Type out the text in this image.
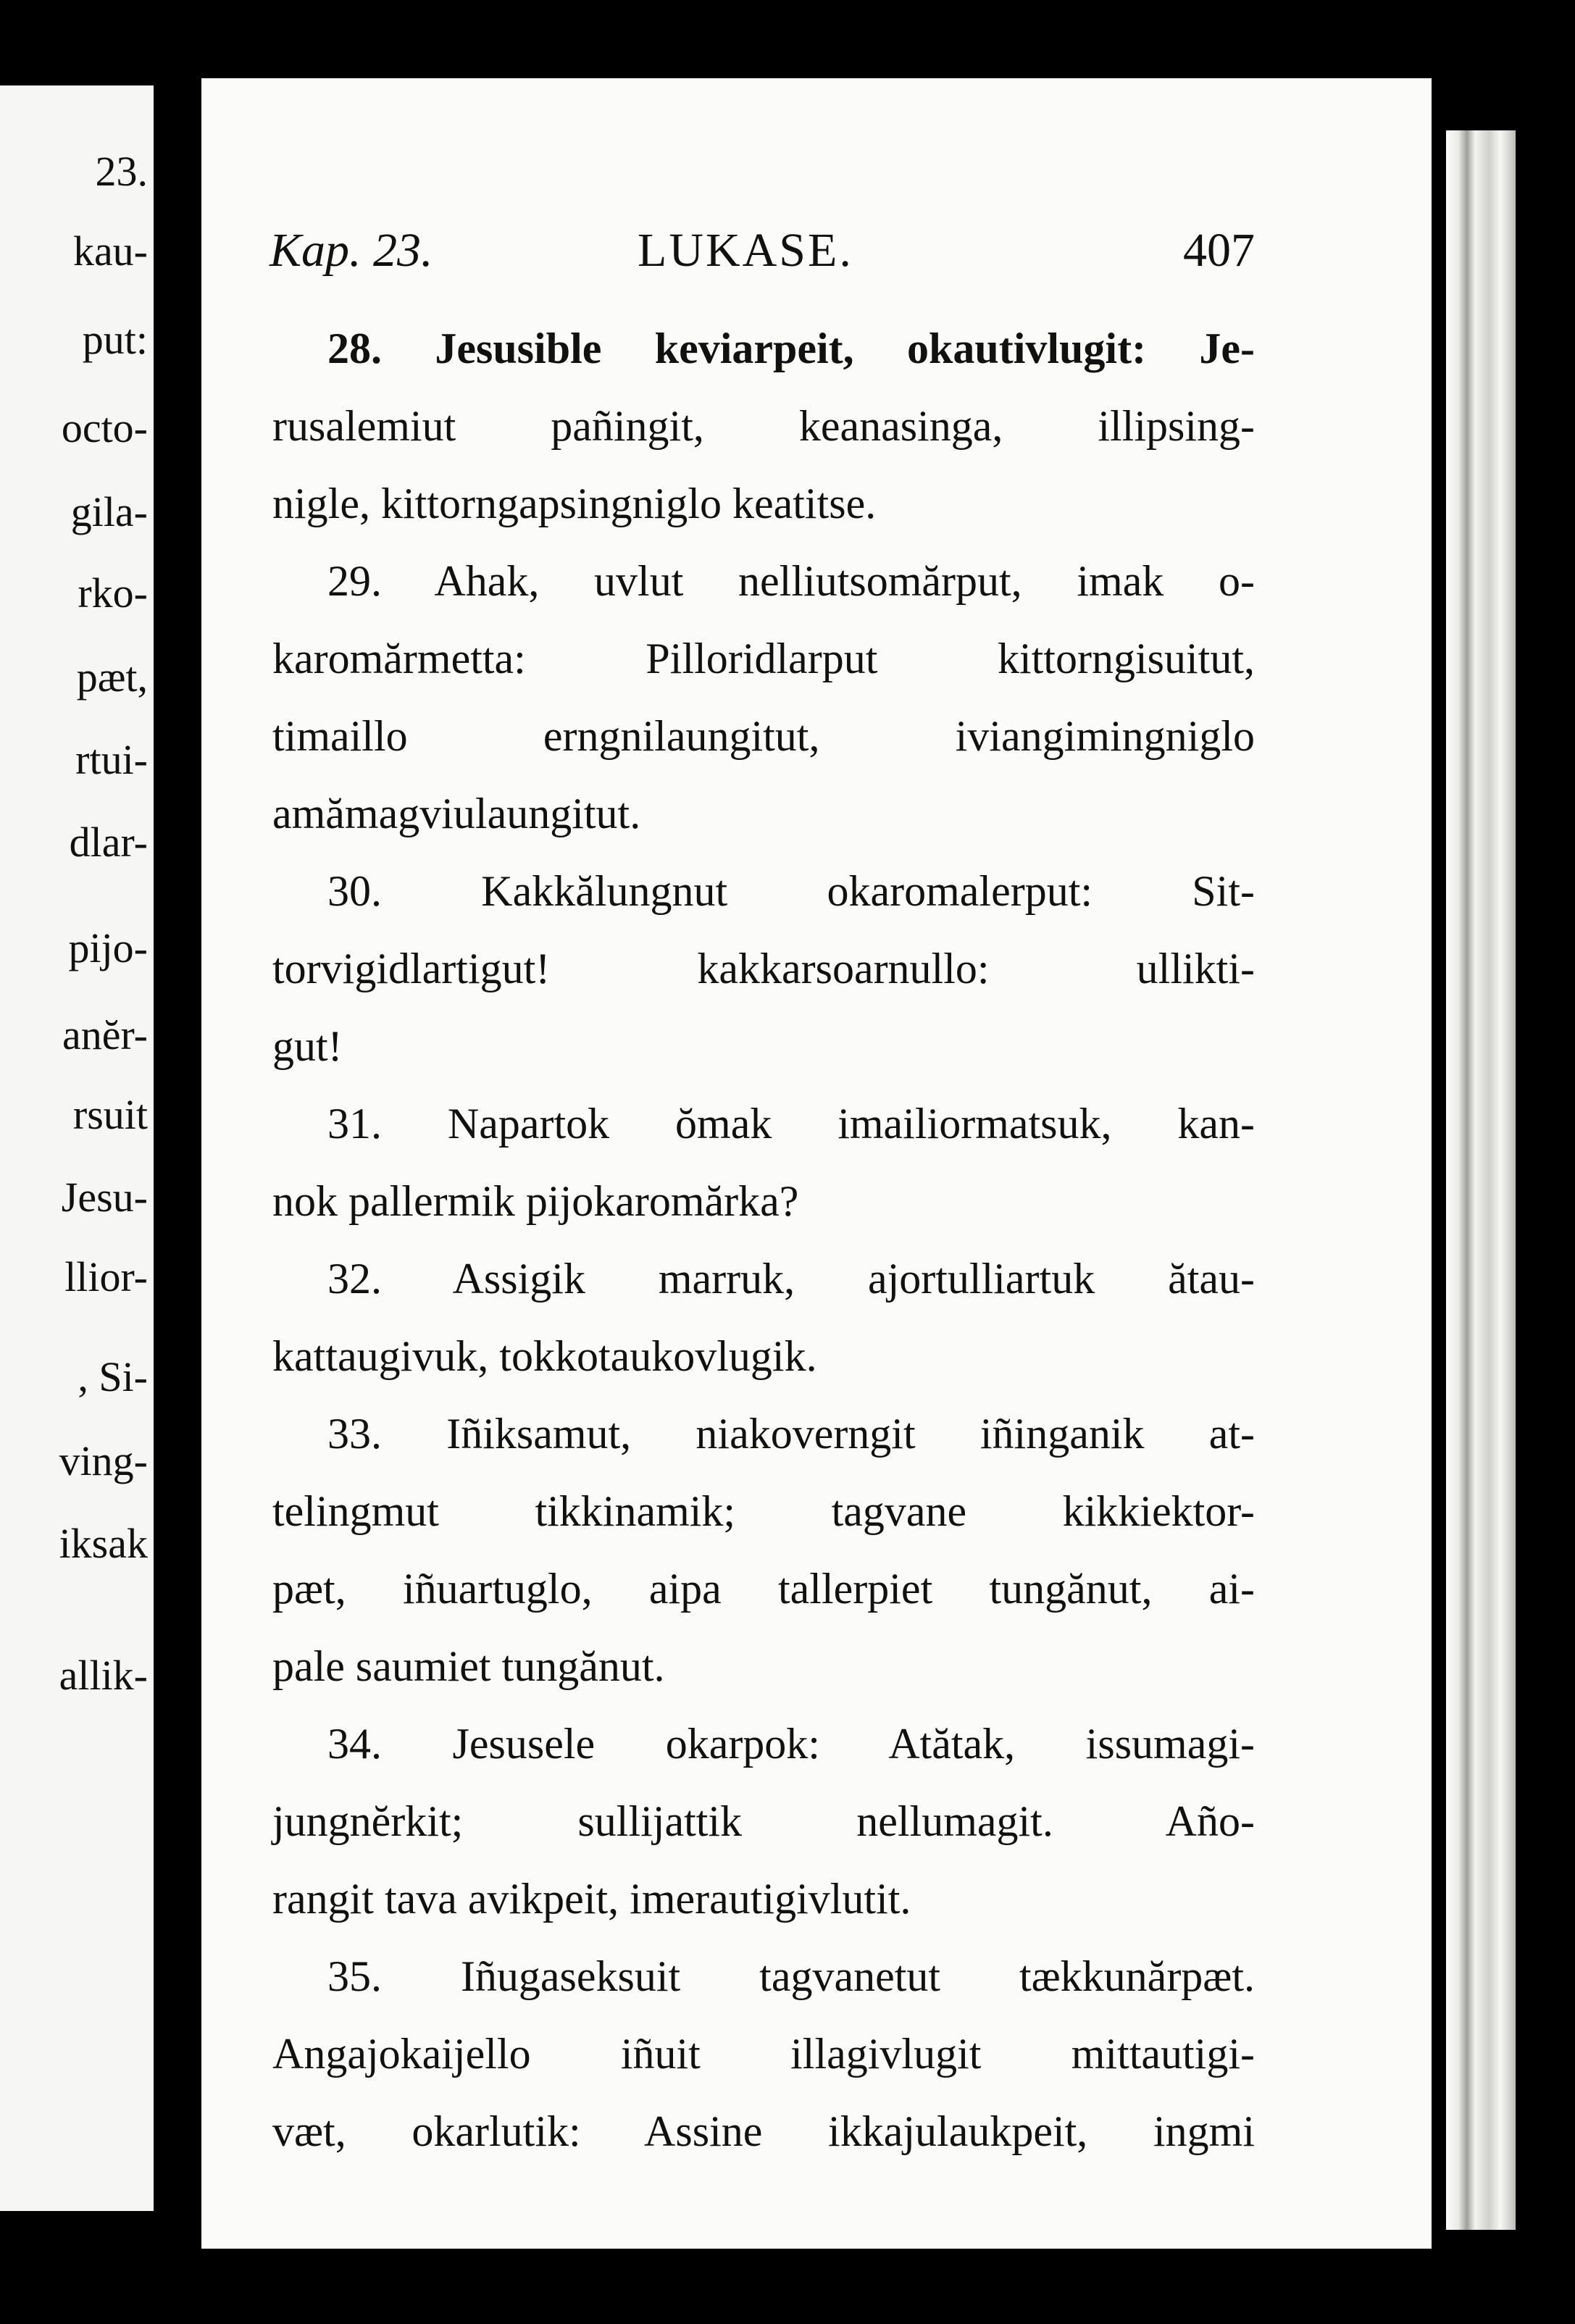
23.
kau-
put:
octo-
gila-
rko-
pæt,
rtui-
dlar-
pijo-
anĕr-
rsuit
Jesu-
llior-
, Si-
ving-
iksak
allik-
Kap. 23.	LUKASE.	407
28. Jesusible keviarpeit, okautivlugit: Je-
rusalemiut pañingit, keanasinga, illipsing-
nigle, kittorngapsingniglo keatitse.
29. Ahak, uvlut nelliutsomărput, imak o-
karomărmetta: Pilloridlarput kittorngisuitut,
timaillo erngnilaungitut, iviangimingniglo
amămagviulaungitut.
30. Kakkălungnut okaromalerput: Sit-
torvigidlartigut! kakkarsoarnullo: ullikti-
gut!
31. Napartok ŏmak imailiormatsuk, kan-
nok pallermik pijokaromărka?
32. Assigik marruk, ajortulliartuk ătau-
kattaugivuk, tokkotaukovlugik.
33. Iñiksamut, niakoverngit iñinganik at-
telingmut tikkinamik; tagvane kikkiektor-
pæt, iñuartuglo, aipa tallerpiet tungănut, ai-
pale saumiet tungănut.
34. Jesusele okarpok: Atătak, issumagi-
jungnĕrkit; sullijattik nellumagit. Año-
rangit tava avikpeit, imerautigivlutit.
35. Iñugaseksuit tagvanetut tækkunărpæt.
Angajokaijello iñuit illagivlugit mittautigi-
væt, okarlutik: Assine ikkajulaukpeit, ingmi
